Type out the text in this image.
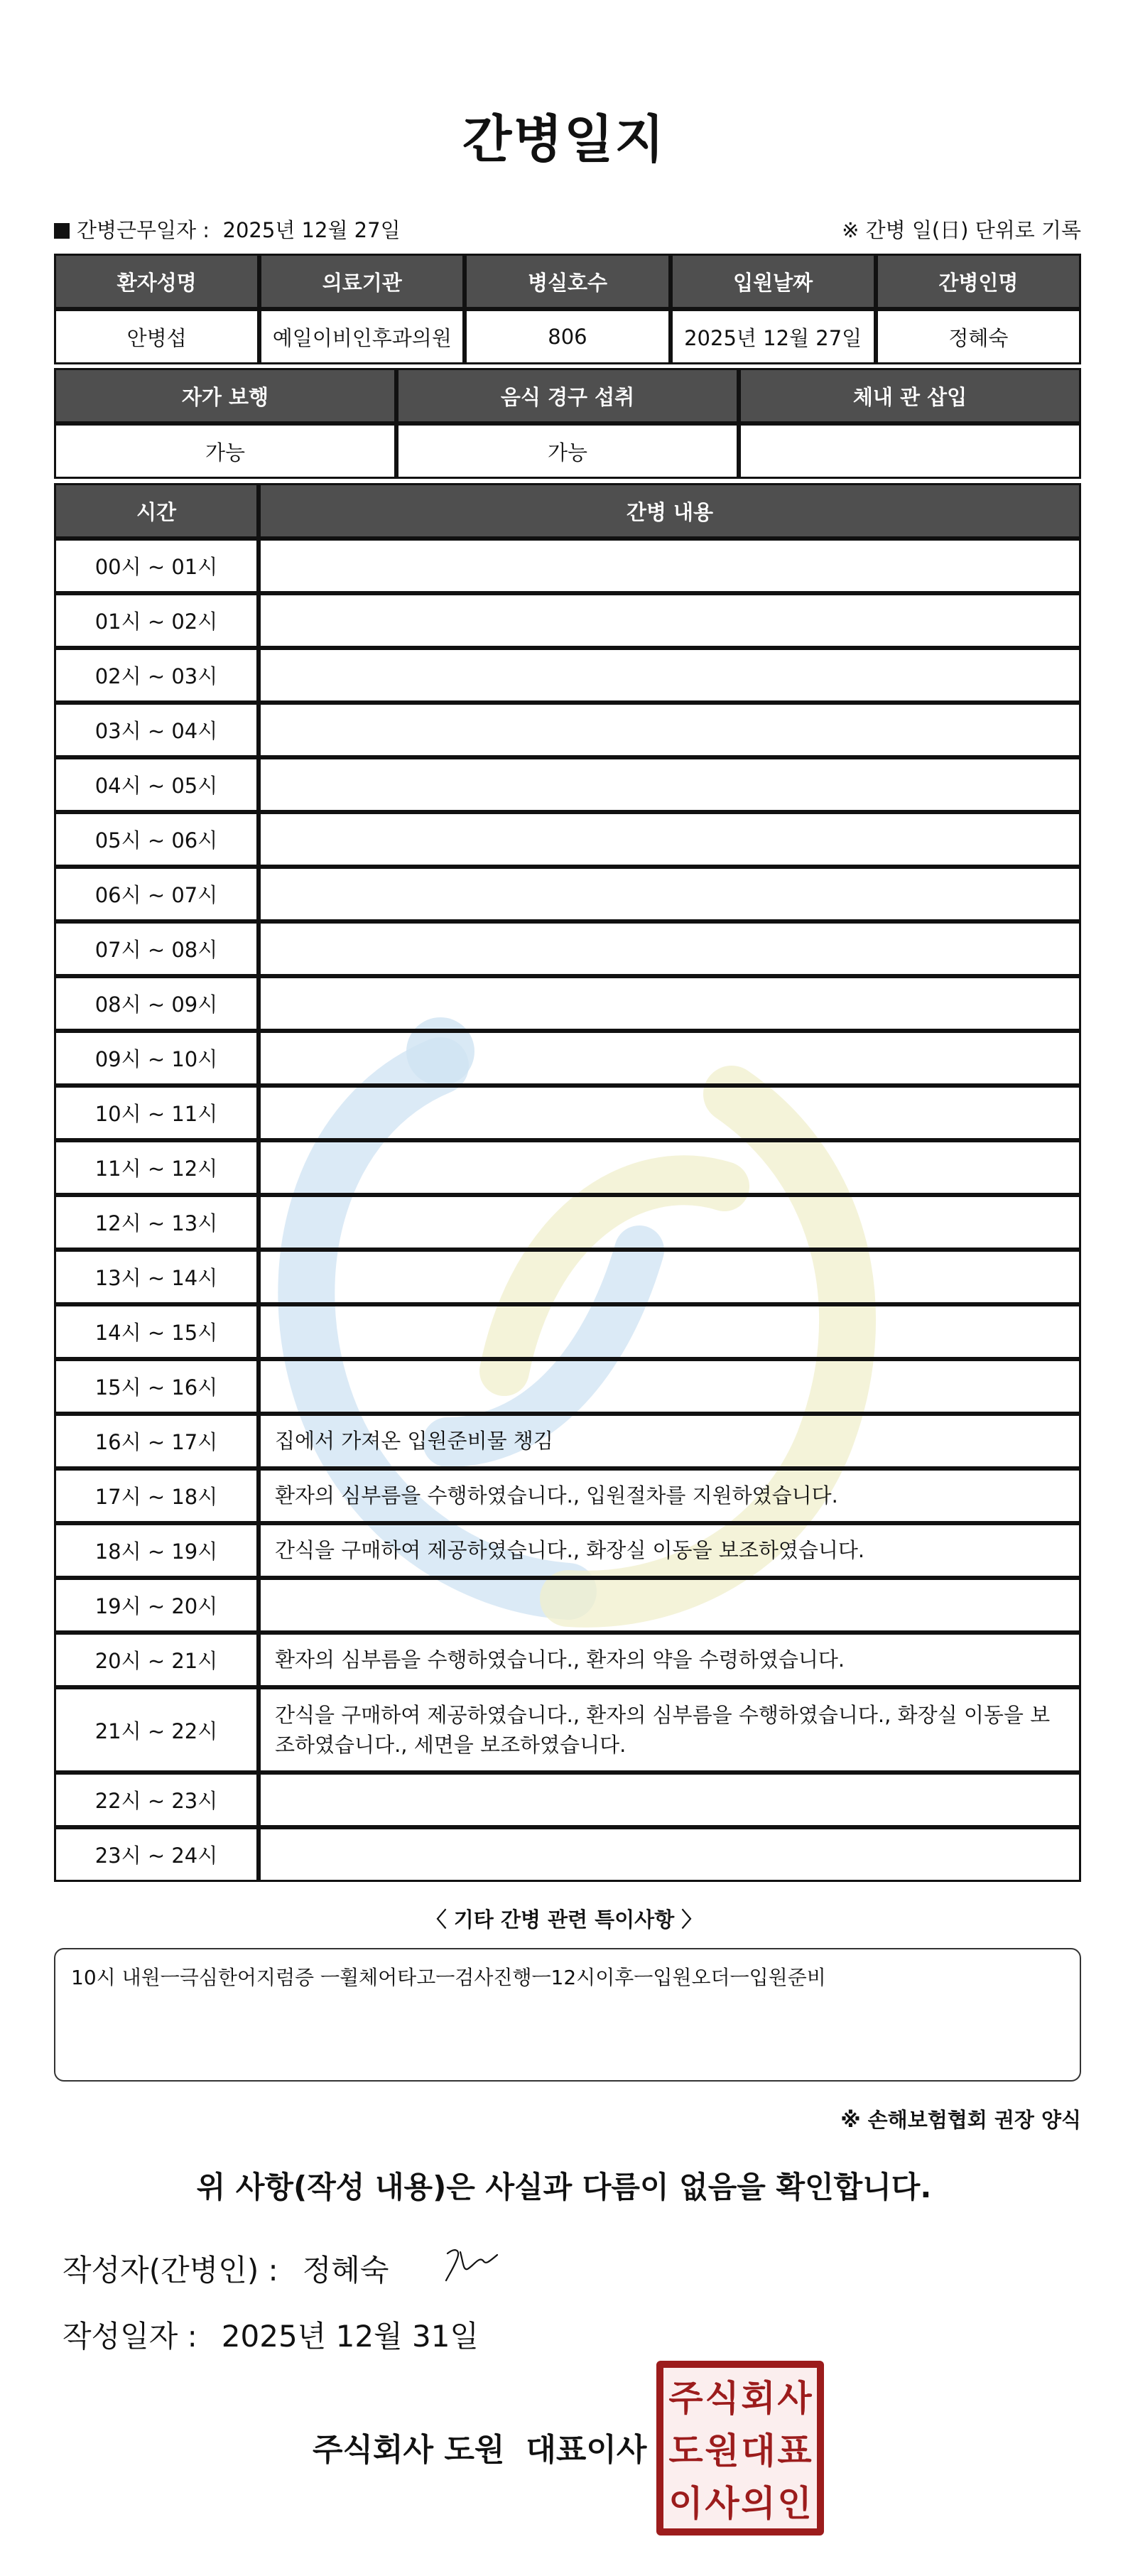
간병일지
간병근무일자 : 2025년 12월 27일	※ 간병 일(日) 단위로 기록
환자성명	의료기관	병실호수	입원날짜	간병인명
안병섭	예일이비인후과의원	806	2025년 12월 27일	정혜숙
자가 보행	음식 경구 섭취	체내 관 삽입
가능	가능	
시간	간병 내용
00시 ~ 01시	
01시 ~ 02시	
02시 ~ 03시	
03시 ~ 04시	
04시 ~ 05시	
05시 ~ 06시	
06시 ~ 07시	
07시 ~ 08시	
08시 ~ 09시	
09시 ~ 10시	
10시 ~ 11시	
11시 ~ 12시	
12시 ~ 13시	
13시 ~ 14시	
14시 ~ 15시	
15시 ~ 16시	
16시 ~ 17시	집에서 가져온 입원준비물 챙김
17시 ~ 18시	환자의 심부름을 수행하였습니다., 입원절차를 지원하였습니다.
18시 ~ 19시	간식을 구매하여 제공하였습니다., 화장실 이동을 보조하였습니다.
19시 ~ 20시	
20시 ~ 21시	환자의 심부름을 수행하였습니다., 환자의 약을 수령하였습니다.
21시 ~ 22시	간식을 구매하여 제공하였습니다., 환자의 심부름을 수행하였습니다., 화장실 이동을 보조하였습니다., 세면을 보조하였습니다.
22시 ~ 23시	
23시 ~ 24시	
〈 기타 간병 관련 특이사항 〉
10시 내원ㅡ극심한어지럼증 ㅡ휠체어타고ㅡ검사진행ㅡ12시이후ㅡ입원오더ㅡ입원준비
※ 손해보험협회 권장 양식
위 사항(작성 내용)은 사실과 다름이 없음을 확인합니다.
작성자(간병인) : 정혜숙
작성일자 : 2025년 12월 31일
주식회사 도원 대표이사
주 식 회 사
도 원 대 표
이 사 의 인
